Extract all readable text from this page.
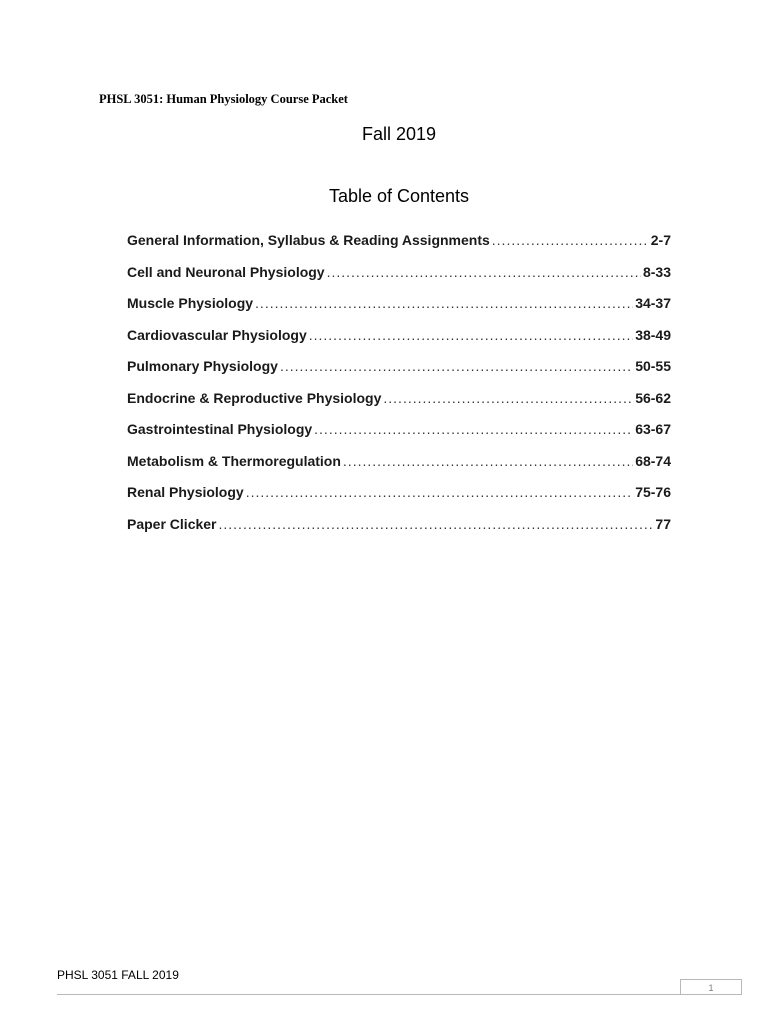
PHSL 3051: Human Physiology Course Packet
Fall 2019
Table of Contents
General Information, Syllabus & Reading Assignments .....	2-7
Cell and Neuronal Physiology .....	8-33
Muscle Physiology .....	34-37
Cardiovascular Physiology .....	38-49
Pulmonary Physiology .....	50-55
Endocrine & Reproductive Physiology .....	56-62
Gastrointestinal Physiology .....	63-67
Metabolism & Thermoregulation .....	68-74
Renal Physiology .....	75-76
Paper Clicker .....	77
PHSL 3051 FALL 2019
1
